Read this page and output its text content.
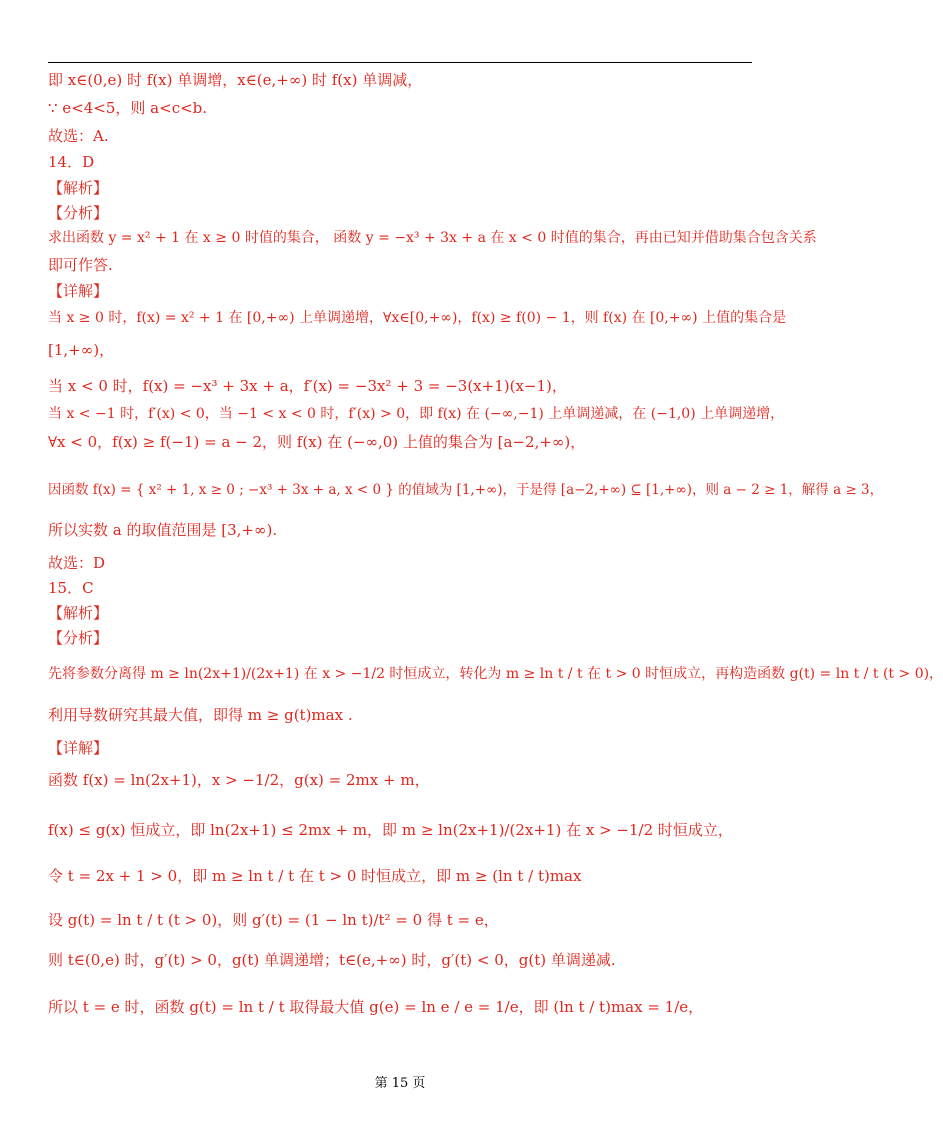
即 x∈(0,e) 时 f(x) 单调增，x∈(e,+∞) 时 f(x) 单调减，
∵ e<4<5，则 a<c<b.
故选：A.
14．D
【解析】
【分析】
求出函数 y = x² + 1 在 x ≥ 0 时值的集合， 函数 y = −x³ + 3x + a 在 x < 0 时值的集合，再由已知并借助集合包含关系
即可作答.
【详解】
当 x ≥ 0 时，f(x) = x² + 1 在 [0,+∞) 上单调递增，∀x∈[0,+∞)，f(x) ≥ f(0) − 1，则 f(x) 在 [0,+∞) 上值的集合是
[1,+∞)，
当 x < 0 时，f(x) = −x³ + 3x + a，f′(x) = −3x² + 3 = −3(x+1)(x−1)，
当 x < −1 时，f′(x) < 0，当 −1 < x < 0 时，f′(x) > 0，即 f(x) 在 (−∞,−1) 上单调递减，在 (−1,0) 上单调递增，
∀x < 0，f(x) ≥ f(−1) = a − 2，则 f(x) 在 (−∞,0) 上值的集合为 [a−2,+∞)，
因函数 f(x) = { x² + 1, x ≥ 0 ; −x³ + 3x + a, x < 0 } 的值域为 [1,+∞)，于是得 [a−2,+∞) ⊆ [1,+∞)，则 a − 2 ≥ 1，解得 a ≥ 3，
所以实数 a 的取值范围是 [3,+∞).
故选：D
15．C
【解析】
【分析】
先将参数分离得 m ≥ ln(2x+1)/(2x+1) 在 x > −1/2 时恒成立，转化为 m ≥ ln t / t 在 t > 0 时恒成立，再构造函数 g(t) = ln t / t (t > 0)，
利用导数研究其最大值，即得 m ≥ g(t)max .
【详解】
函数 f(x) = ln(2x+1)，x > −1/2，g(x) = 2mx + m，
f(x) ≤ g(x) 恒成立，即 ln(2x+1) ≤ 2mx + m，即 m ≥ ln(2x+1)/(2x+1) 在 x > −1/2 时恒成立，
令 t = 2x + 1 > 0，即 m ≥ ln t / t 在 t > 0 时恒成立，即 m ≥ (ln t / t)max
设 g(t) = ln t / t (t > 0)，则 g′(t) = (1 − ln t)/t² = 0 得 t = e，
则 t∈(0,e) 时，g′(t) > 0，g(t) 单调递增；t∈(e,+∞) 时，g′(t) < 0，g(t) 单调递减.
所以 t = e 时，函数 g(t) = ln t / t 取得最大值 g(e) = ln e / e = 1/e，即 (ln t / t)max = 1/e，
第 15 页
